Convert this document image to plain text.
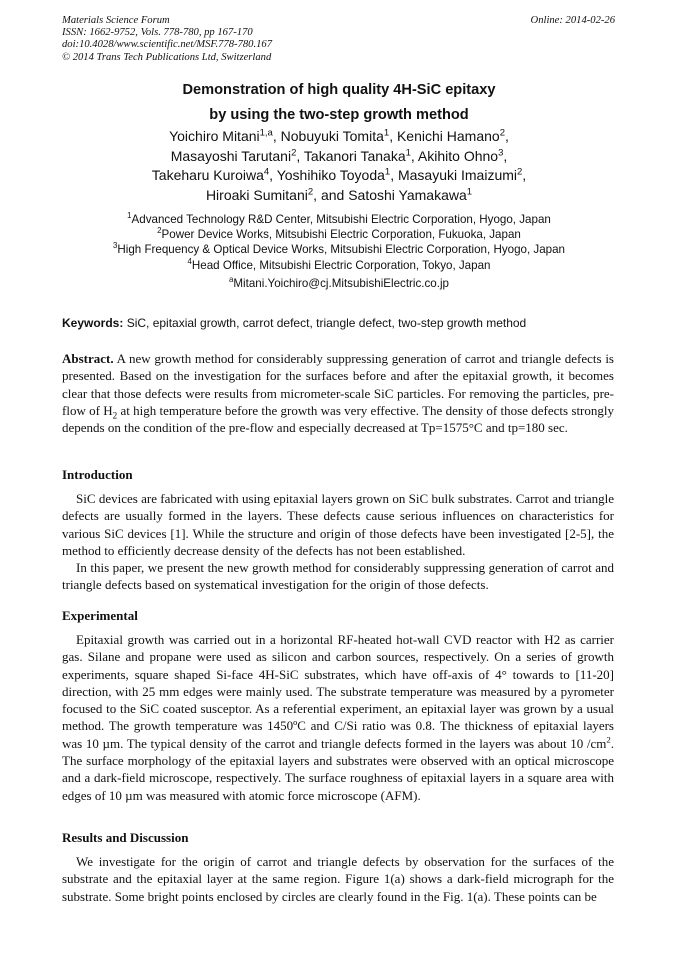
Materials Science Forum
ISSN: 1662-9752, Vols. 778-780, pp 167-170
doi:10.4028/www.scientific.net/MSF.778-780.167
© 2014 Trans Tech Publications Ltd, Switzerland
Online: 2014-02-26
Demonstration of high quality 4H-SiC epitaxy
by using the two-step growth method
Yoichiro Mitani$^{1,a}$, Nobuyuki Tomita$^1$, Kenichi Hamano$^2$,
Masayoshi Tarutani$^2$, Takanori Tanaka$^1$, Akihito Ohno$^3$,
Takeharu Kuroiwa$^4$, Yoshihiko Toyoda$^1$, Masayuki Imaizumi$^2$,
Hiroaki Sumitani$^2$, and Satoshi Yamakawa$^1$
$^1$Advanced Technology R&D Center, Mitsubishi Electric Corporation, Hyogo, Japan
$^2$Power Device Works, Mitsubishi Electric Corporation, Fukuoka, Japan
$^3$High Frequency & Optical Device Works, Mitsubishi Electric Corporation, Hyogo, Japan
$^4$Head Office, Mitsubishi Electric Corporation, Tokyo, Japan
$^a$Mitani.Yoichiro@cj.MitsubishiElectric.co.jp
Keywords: SiC, epitaxial growth, carrot defect, triangle defect, two-step growth method
Abstract. A new growth method for considerably suppressing generation of carrot and triangle defects is presented. Based on the investigation for the surfaces before and after the epitaxial growth, it becomes clear that those defects were results from micrometer-scale SiC particles. For removing the particles, pre-flow of $H_2$ at high temperature before the growth was very effective. The density of those defects strongly depends on the condition of the pre-flow and especially decreased at Tp=1575°C and tp=180 sec.
Introduction
SiC devices are fabricated with using epitaxial layers grown on SiC bulk substrates. Carrot and triangle defects are usually formed in the layers. These defects cause serious influences on characteristics for various SiC devices [1]. While the structure and origin of those defects have been investigated [2-5], the method to efficiently decrease density of the defects has not been established.
In this paper, we present the new growth method for considerably suppressing generation of carrot and triangle defects based on systematical investigation for the origin of those defects.
Experimental
Epitaxial growth was carried out in a horizontal RF-heated hot-wall CVD reactor with H2 as carrier gas. Silane and propane were used as silicon and carbon sources, respectively. On a series of growth experiments, square shaped Si-face 4H-SiC substrates, which have off-axis of 4° towards to [11-20] direction, with 25 mm edges were mainly used. The substrate temperature was measured by a pyrometer focused to the SiC coated susceptor. As a referential experiment, an epitaxial layer was grown by a usual method. The growth temperature was 1450ºC and C/Si ratio was 0.8. The thickness of epitaxial layers was 10 µm. The typical density of the carrot and triangle defects formed in the layers was about 10 $/cm^2$. The surface morphology of the epitaxial layers and substrates were observed with an optical microscope and a dark-field microscope, respectively. The surface roughness of epitaxial layers in a square area with edges of 10 µm was measured with atomic force microscope (AFM).
Results and Discussion
We investigate for the origin of carrot and triangle defects by observation for the surfaces of the substrate and the epitaxial layer at the same region. Figure 1(a) shows a dark-field micrograph for the substrate. Some bright points enclosed by circles are clearly found in the Fig. 1(a). These points can be
